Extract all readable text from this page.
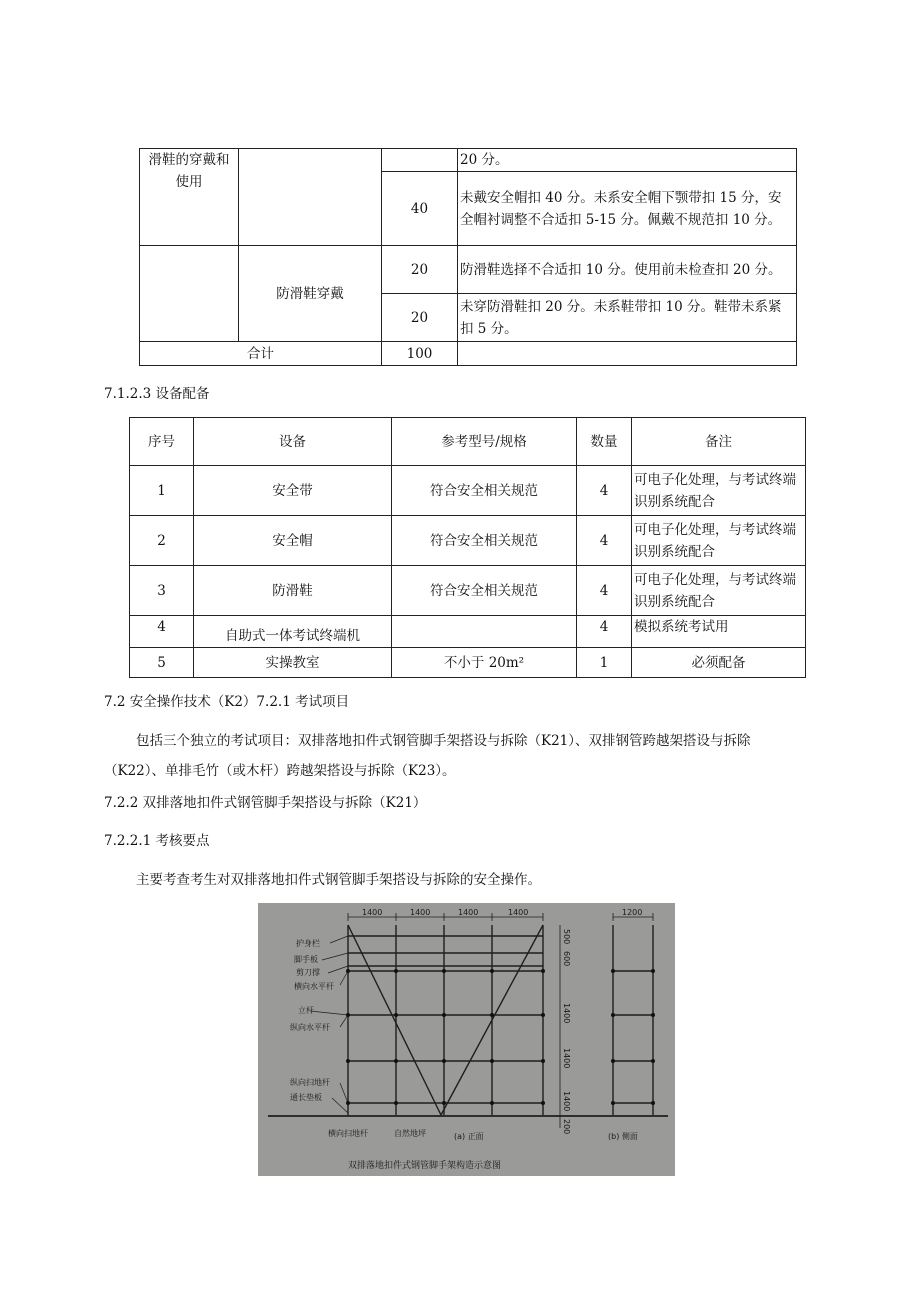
滑鞋的穿戴和使用			20 分。
		40	未戴安全帽扣 40 分。未系安全帽下颚带扣 15 分，安全帽衬调整不合适扣 5-15 分。佩戴不规范扣 10 分。
	防滑鞋穿戴	20	防滑鞋选择不合适扣 10 分。使用前未检查扣 20 分。
		20	未穿防滑鞋扣 20 分。未系鞋带扣 10 分。鞋带未系紧扣 5 分。
合计		100	
7.1.2.3 设备配备
序号	设备	参考型号/规格	数量	备注
1	安全带	符合安全相关规范	4	可电子化处理，与考试终端识别系统配合
2	安全帽	符合安全相关规范	4	可电子化处理，与考试终端识别系统配合
3	防滑鞋	符合安全相关规范	4	可电子化处理，与考试终端识别系统配合
4	自助式一体考试终端机		4	模拟系统考试用
5	实操教室	不小于 20m²	1	必须配备
7.2 安全操作技术（K2）7.2.1 考试项目
包括三个独立的考试项目：双排落地扣件式钢管脚手架搭设与拆除（K21）、双排钢管跨越架搭设与拆除（K22）、单排毛竹（或木杆）跨越架搭设与拆除（K23）。
7.2.2 双排落地扣件式钢管脚手架搭设与拆除（K21）
7.2.2.1 考核要点
主要考查考生对双排落地扣件式钢管脚手架搭设与拆除的安全操作。
1400	1400	1400	1400	1200
1400
1400
1400
200
600
500
护身栏
脚手板
剪刀撑
横向水平杆
立杆
纵向水平杆
纵向扫地杆
通长垫板
横向扫地杆	自然地坪	(a) 正面	(b) 侧面
双排落地扣件式钢管脚手架构造示意图
